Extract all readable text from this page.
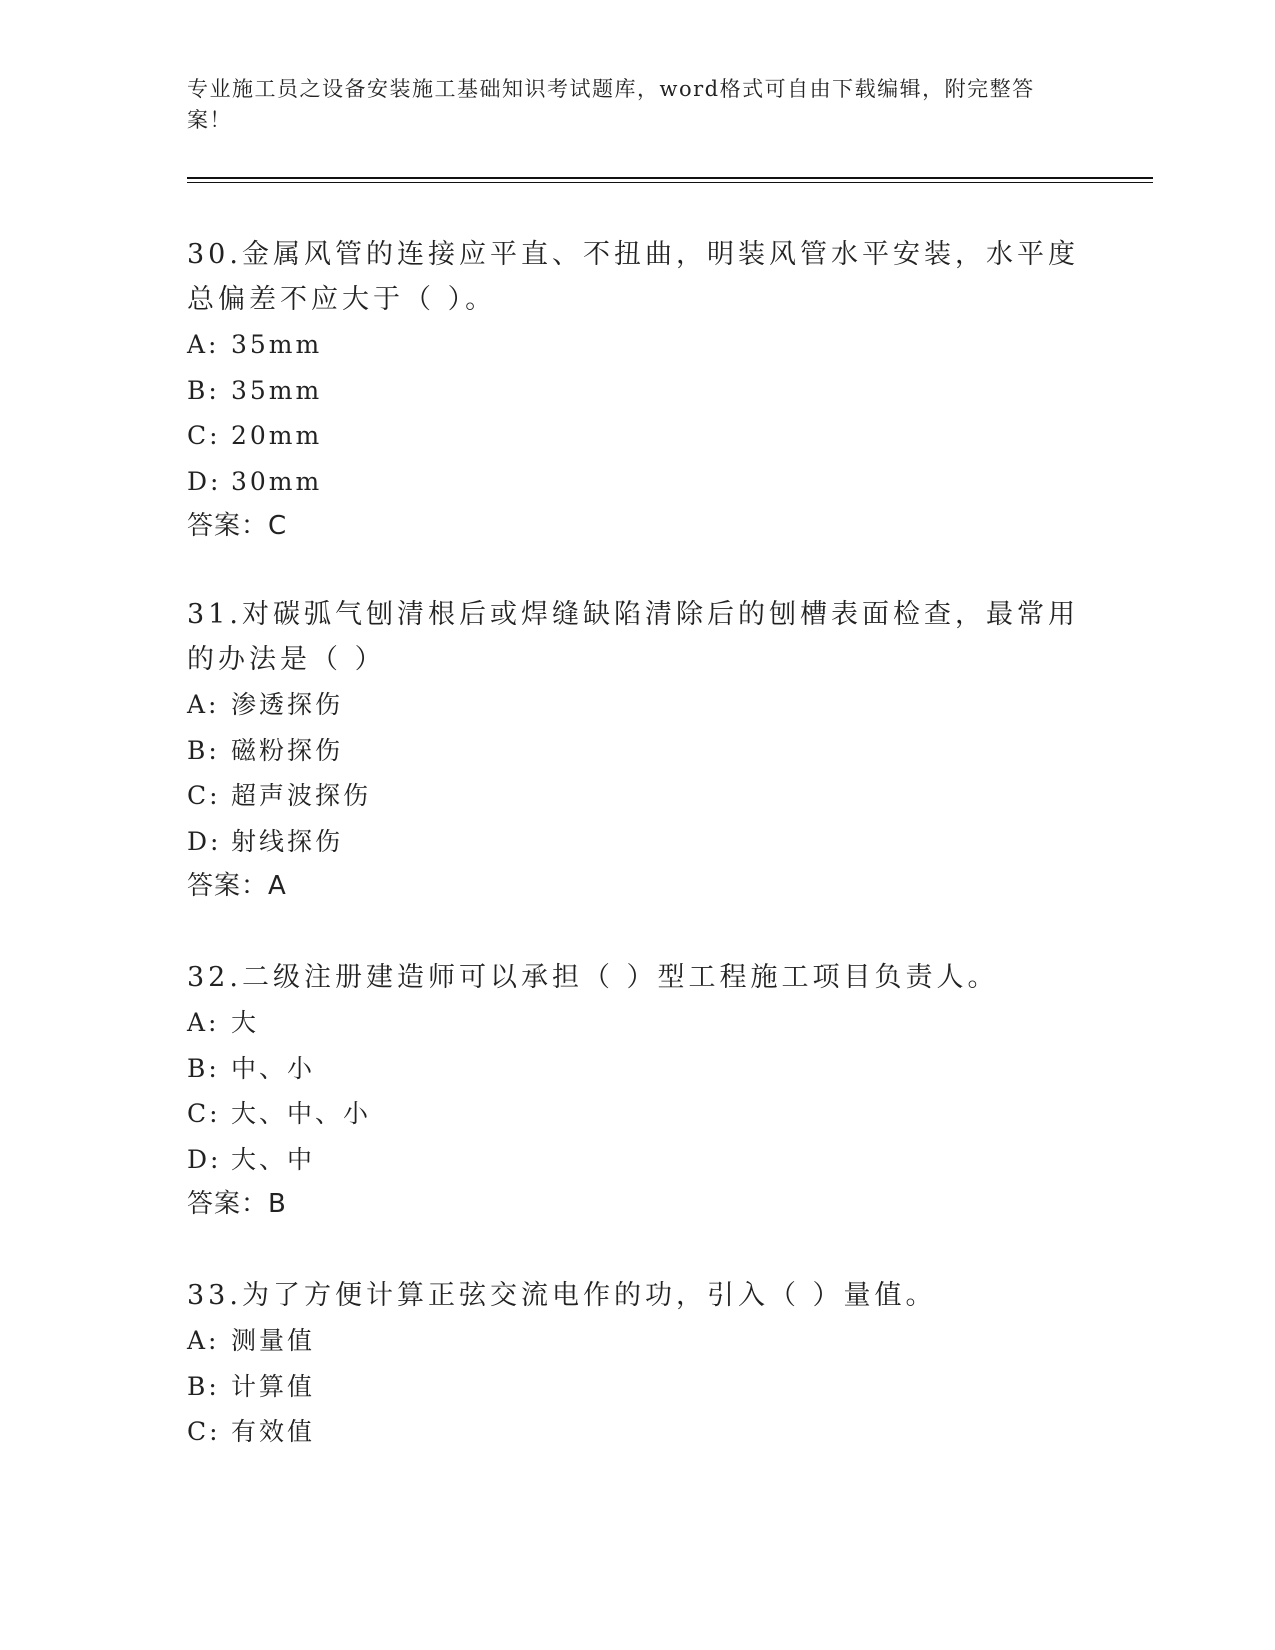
专业施工员之设备安装施工基础知识考试题库，word格式可自由下载编辑，附完整答案！

30.金属风管的连接应平直、不扭曲，明装风管水平安装，水平度总偏差不应大于（ ）。

A: 35mm

B: 35mm

C: 20mm

D: 30mm

答案：C

31.对碳弧气刨清根后或焊缝缺陷清除后的刨槽表面检查，最常用的办法是（ ）

A: 渗透探伤

B: 磁粉探伤

C: 超声波探伤

D: 射线探伤

答案：A

32.二级注册建造师可以承担（ ）型工程施工项目负责人。

A: 大

B: 中、小

C: 大、中、小

D: 大、中

答案：B

33.为了方便计算正弦交流电作的功，引入（ ）量值。

A: 测量值

B: 计算值

C: 有效值
